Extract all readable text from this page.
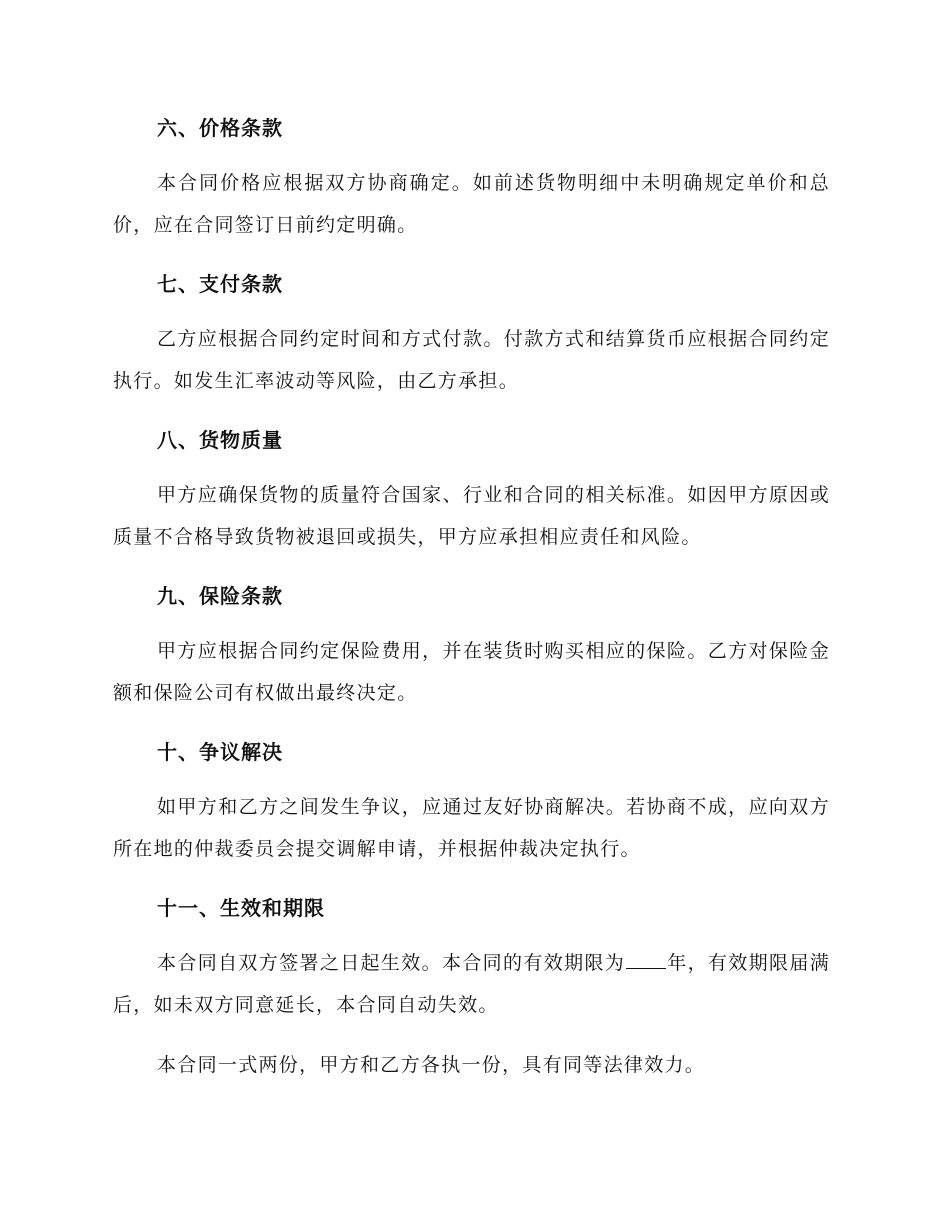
六、价格条款

本合同价格应根据双方协商确定。如前述货物明细中未明确规定单价和总价，应在合同签订日前约定明确。

七、支付条款

乙方应根据合同约定时间和方式付款。付款方式和结算货币应根据合同约定执行。如发生汇率波动等风险，由乙方承担。

八、货物质量

甲方应确保货物的质量符合国家、行业和合同的相关标准。如因甲方原因或质量不合格导致货物被退回或损失，甲方应承担相应责任和风险。

九、保险条款

甲方应根据合同约定保险费用，并在装货时购买相应的保险。乙方对保险金额和保险公司有权做出最终决定。

十、争议解决

如甲方和乙方之间发生争议，应通过友好协商解决。若协商不成，应向双方所在地的仲裁委员会提交调解申请，并根据仲裁决定执行。

十一、生效和期限

本合同自双方签署之日起生效。本合同的有效期限为 年，有效期限届满后，如未双方同意延长，本合同自动失效。

本合同一式两份，甲方和乙方各执一份，具有同等法律效力。
